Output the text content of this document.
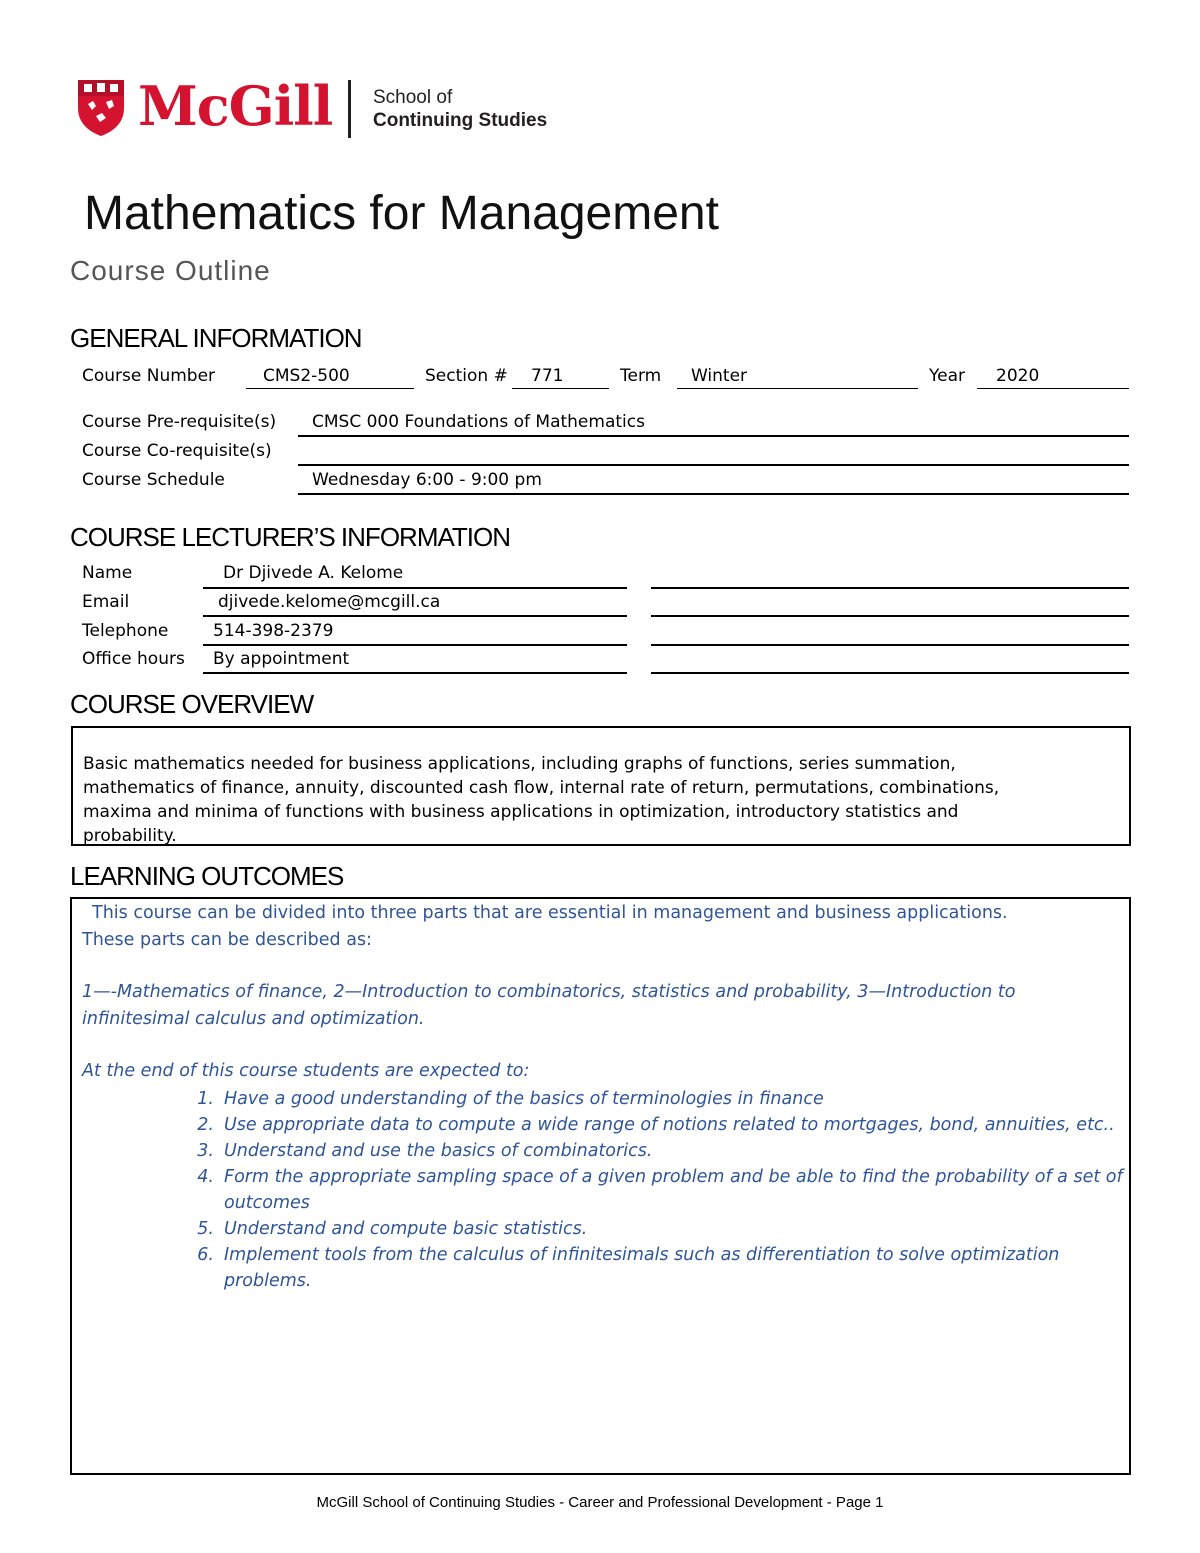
McGill School of
Continuing Studies
Mathematics for Management
Course Outline
GENERAL INFORMATION
Course Number	CMS2-500	Section # 771	Term Winter	Year 2020
Course Pre-requisite(s) CMSC 000 Foundations of Mathematics
Course Co-requisite(s)
Course Schedule	Wednesday 6:00 - 9:00 pm
COURSE LECTURER’S INFORMATION
Name	Dr Djivede A. Kelome
Email	djivede.kelome@mcgill.ca
Telephone	514-398-2379
Office hours By appointment
COURSE OVERVIEW
Basic mathematics needed for business applications, including graphs of functions, series summation,
mathematics of finance, annuity, discounted cash flow, internal rate of return, permutations, combinations,
maxima and minima of functions with business applications in optimization, introductory statistics and
probability.
LEARNING OUTCOMES
This course can be divided into three parts that are essential in management and business applications.
These parts can be described as:
1—-Mathematics of finance, 2—Introduction to combinatorics, statistics and probability, 3—Introduction to
infinitesimal calculus and optimization.
At the end of this course students are expected to:
1. Have a good understanding of the basics of terminologies in finance
2. Use appropriate data to compute a wide range of notions related to mortgages, bond, annuities, etc..
3. Understand and use the basics of combinatorics.
4. Form the appropriate sampling space of a given problem and be able to find the probability of a set of
outcomes
5. Understand and compute basic statistics.
6. Implement tools from the calculus of infinitesimals such as differentiation to solve optimization
problems.
McGill School of Continuing Studies - Career and Professional Development - Page 1
